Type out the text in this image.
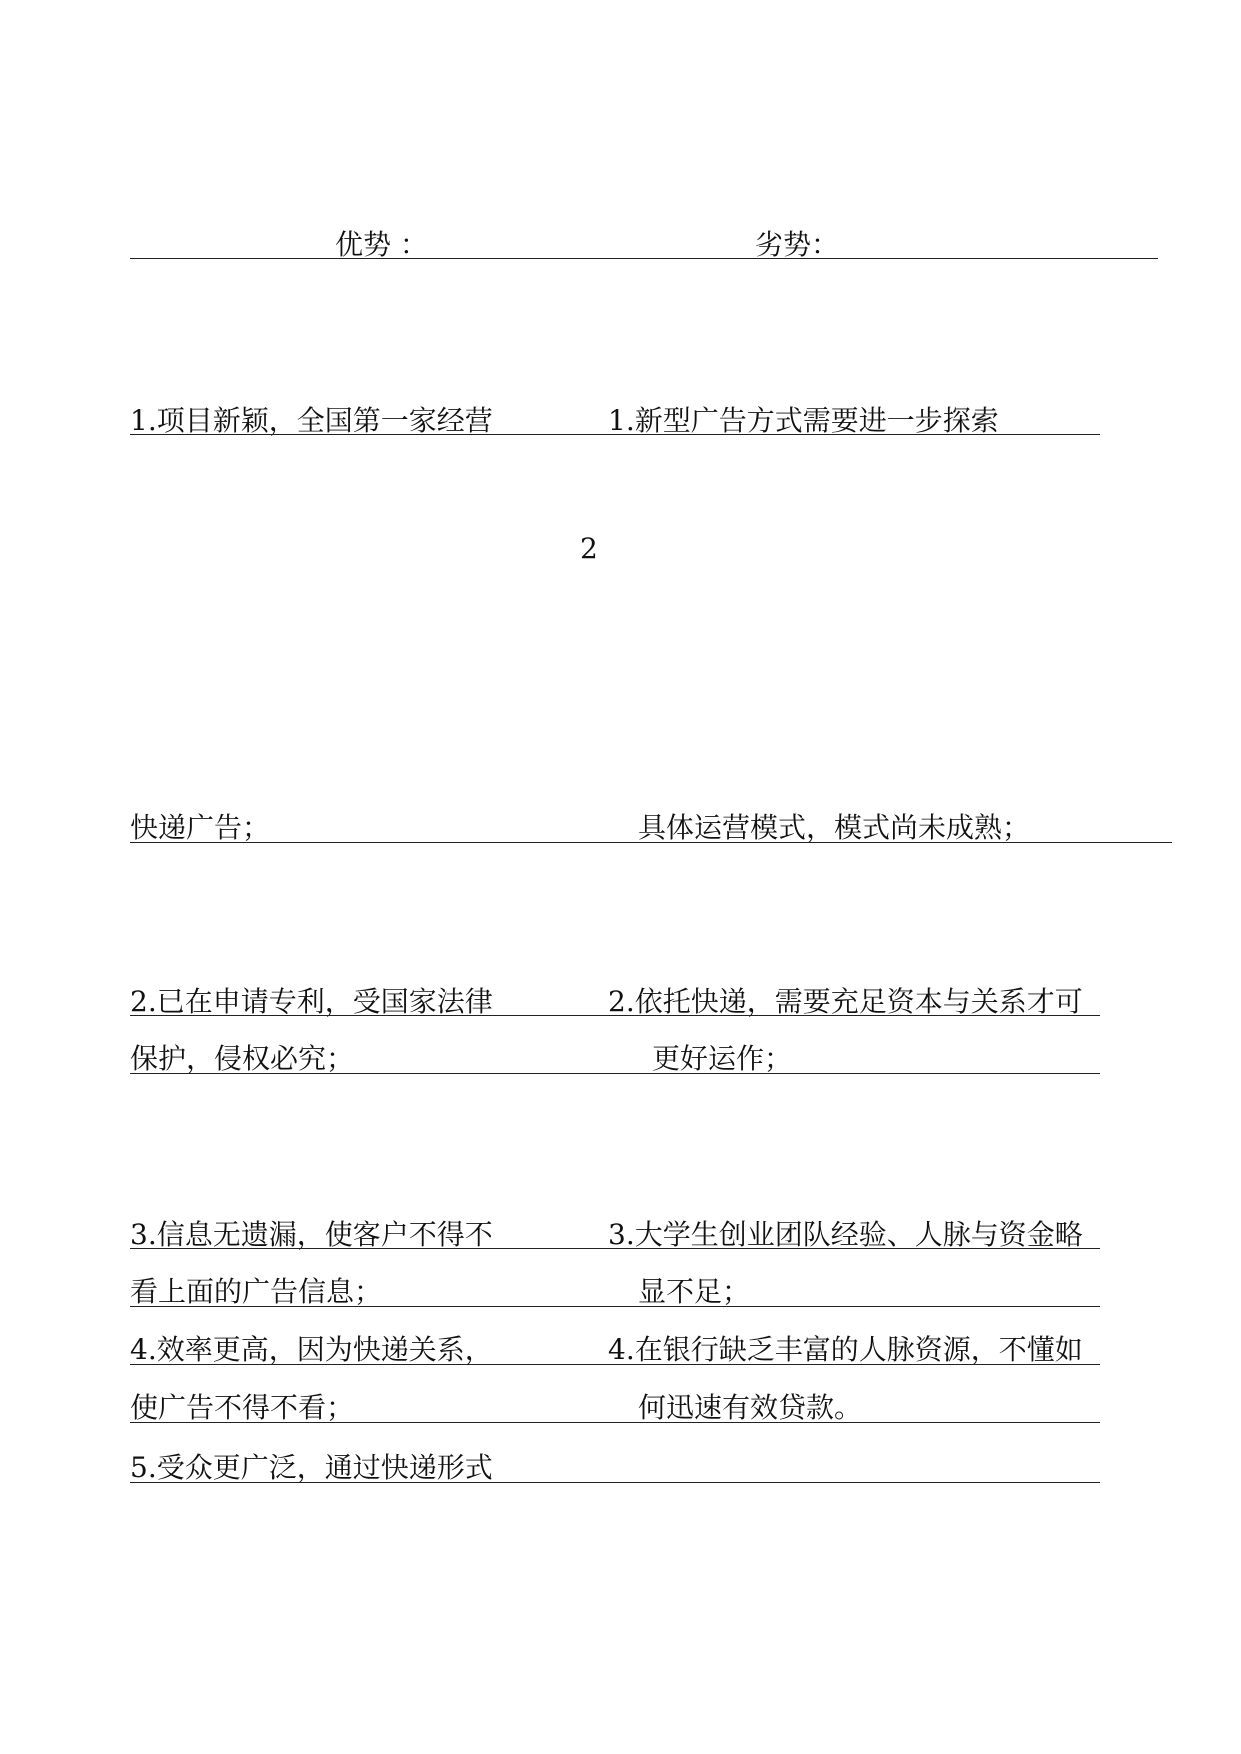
优势 ：	劣势：
1.项目新颖，全国第一家经营	1.新型广告方式需要进一步探索
2
快递广告；	具体运营模式，模式尚未成熟；
2.已在申请专利，受国家法律	2.依托快递，需要充足资本与关系才可
保护，侵权必究；	更好运作；
3.信息无遗漏，使客户不得不	3.大学生创业团队经验、人脉与资金略
看上面的广告信息；	显不足；
4.效率更高，因为快递关系，	4.在银行缺乏丰富的人脉资源，不懂如
使广告不得不看；	何迅速有效贷款。
5.受众更广泛，通过快递形式
